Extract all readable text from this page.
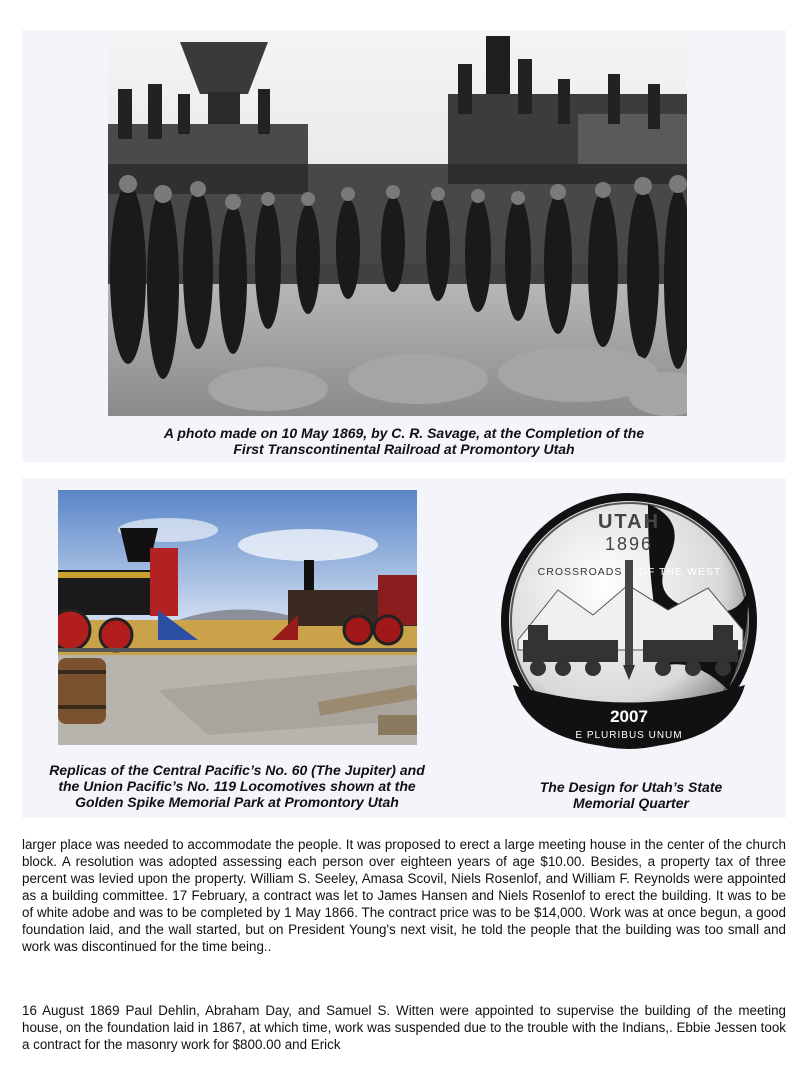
A photo made on 10 May 1869, by C. R. Savage, at the Completion of the
First Transcontinental Railroad at Promontory Utah
UTAH
1896
CROSSROADS OF THE WEST
2007
E PLURIBUS UNUM
Replicas of the Central Pacific’s No. 60 (The Jupiter) and
the Union Pacific’s No. 119 Locomotives shown at the
Golden Spike Memorial Park at Promontory Utah
The Design for Utah’s State
Memorial Quarter

larger place was needed to accommodate the people. It was proposed to erect a large meeting house in the center of the church block. A resolution was adopted assessing each person over eighteen years of age $10.00. Besides, a property tax of three percent was levied upon the property. William S. Seeley, Amasa Scovil, Niels Rosenlof, and William F. Reynolds were appointed as a building committee. 17 February, a contract was let to James Hansen and Niels Rosenlof to erect the building. It was to be of white adobe and was to be completed by 1 May 1866. The contract price was to be $14,000. Work was at once begun, a good foundation laid, and the wall started, but on President Young's next visit, he told the people that the building was too small and work was discontinued for the time being..

16 August 1869 Paul Dehlin, Abraham Day, and Samuel S. Witten were appointed to supervise the building of the meeting house, on the foundation laid in 1867, at which time, work was suspended due to the trouble with the Indians,. Ebbie Jessen took a contract for the masonry work for $800.00 and Erick
